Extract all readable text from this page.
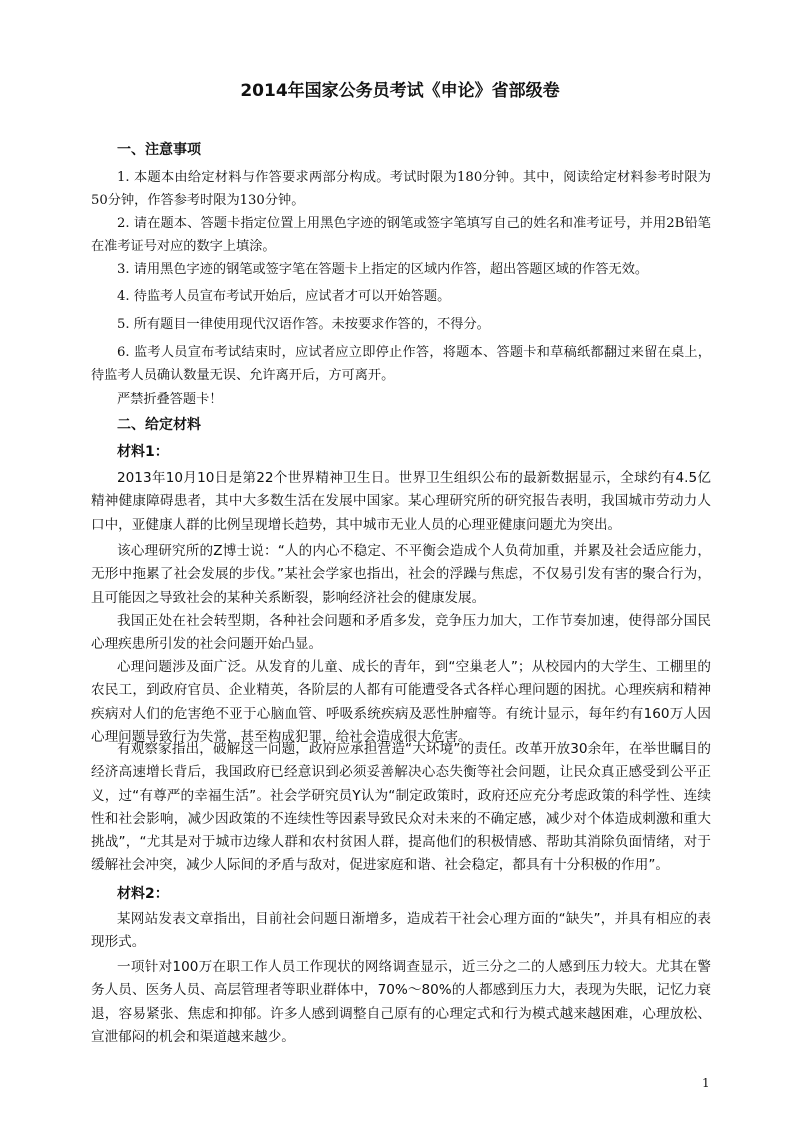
2014年国家公务员考试《申论》省部级卷
一、注意事项

1. 本题本由给定材料与作答要求两部分构成。考试时限为180分钟。其中，阅读给定材料参考时限为50分钟，作答参考时限为130分钟。

2. 请在题本、答题卡指定位置上用黑色字迹的钢笔或签字笔填写自己的姓名和准考证号，并用2B铅笔在准考证号对应的数字上填涂。

3. 请用黑色字迹的钢笔或签字笔在答题卡上指定的区域内作答，超出答题区域的作答无效。

4. 待监考人员宣布考试开始后，应试者才可以开始答题。

5. 所有题目一律使用现代汉语作答。未按要求作答的，不得分。

6. 监考人员宣布考试结束时，应试者应立即停止作答，将题本、答题卡和草稿纸都翻过来留在桌上，待监考人员确认数量无误、允许离开后，方可离开。

严禁折叠答题卡！

二、给定材料
材料1：

2013年10月10日是第22个世界精神卫生日。世界卫生组织公布的最新数据显示，全球约有4.5亿精神健康障碍患者，其中大多数生活在发展中国家。某心理研究所的研究报告表明，我国城市劳动力人口中，亚健康人群的比例呈现增长趋势，其中城市无业人员的心理亚健康问题尤为突出。

该心理研究所的Z博士说：“人的内心不稳定、不平衡会造成个人负荷加重，并累及社会适应能力，无形中拖累了社会发展的步伐。”某社会学家也指出，社会的浮躁与焦虑，不仅易引发有害的聚合行为，且可能因之导致社会的某种关系断裂，影响经济社会的健康发展。

我国正处在社会转型期，各种社会问题和矛盾多发，竞争压力加大，工作节奏加速，使得部分国民心理疾患所引发的社会问题开始凸显。

心理问题涉及面广泛。从发育的儿童、成长的青年，到“空巢老人”；从校园内的大学生、工棚里的农民工，到政府官员、企业精英，各阶层的人都有可能遭受各式各样心理问题的困扰。心理疾病和精神疾病对人们的危害绝不亚于心脑血管、呼吸系统疾病及恶性肿瘤等。有统计显示，每年约有160万人因心理问题导致行为失常，甚至构成犯罪，给社会造成很大危害。

有观察家指出，破解这一问题，政府应承担营造“大环境”的责任。改革开放30余年，在举世瞩目的经济高速增长背后，我国政府已经意识到必须妥善解决心态失衡等社会问题，让民众真正感受到公平正义，过“有尊严的幸福生活”。社会学研究员Y认为“制定政策时，政府还应充分考虑政策的科学性、连续性和社会影响，减少因政策的不连续性等因素导致民众对未来的不确定感，减少对个体造成刺激和重大挑战”，“尤其是对于城市边缘人群和农村贫困人群，提高他们的积极情感、帮助其消除负面情绪，对于缓解社会冲突，减少人际间的矛盾与敌对，促进家庭和谐、社会稳定，都具有十分积极的作用”。

材料2：

某网站发表文章指出，目前社会问题日渐增多，造成若干社会心理方面的“缺失”，并具有相应的表现形式。

一项针对100万在职工作人员工作现状的网络调查显示，近三分之二的人感到压力较大。尤其在警务人员、医务人员、高层管理者等职业群体中，70%～80%的人都感到压力大，表现为失眠，记忆力衰退，容易紧张、焦虑和抑郁。许多人感到调整自己原有的心理定式和行为模式越来越困难，心理放松、宣泄郁闷的机会和渠道越来越少。

1
